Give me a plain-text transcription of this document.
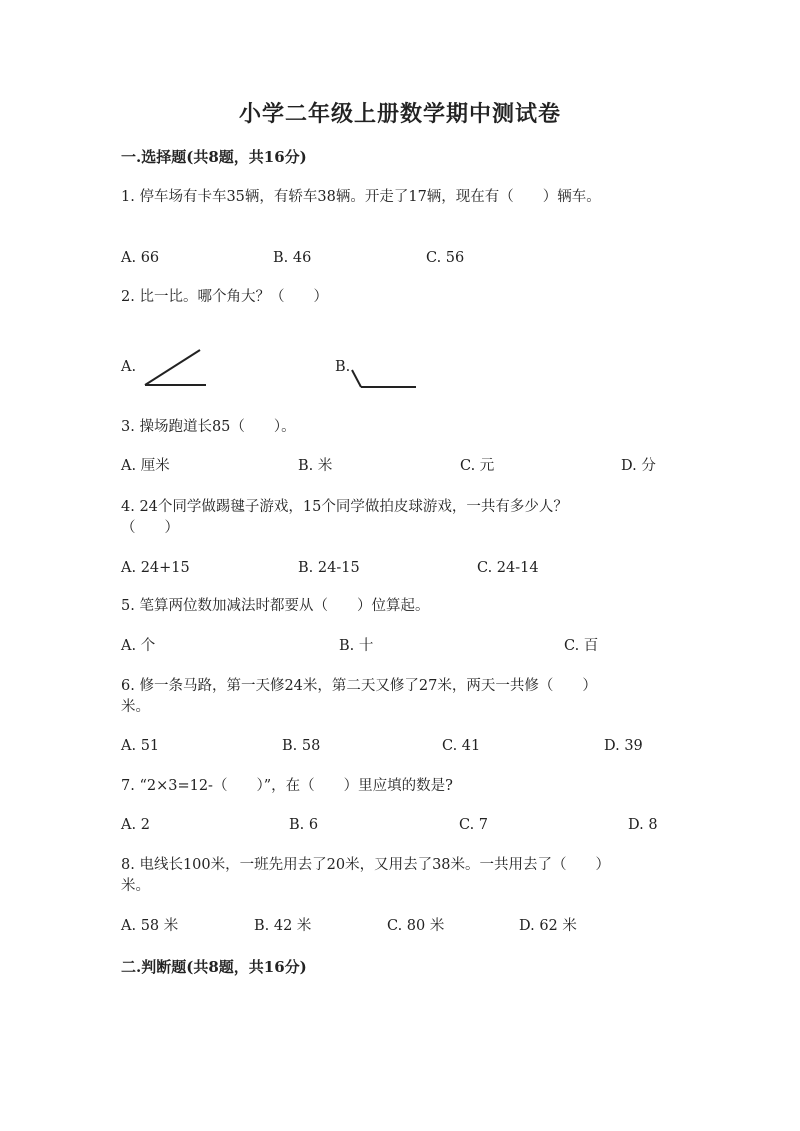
小学二年级上册数学期中测试卷
一.选择题(共8题，共16分)
1. 停车场有卡车35辆，有轿车38辆。开走了17辆，现在有（　　）辆车。
A. 66	B. 46	C. 56
2. 比一比。哪个角大？（　　）
A.	B.
3. 操场跑道长85（　　）。
A. 厘米	B. 米	C. 元	D. 分
4. 24个同学做踢毽子游戏，15个同学做拍皮球游戏，一共有多少人？
（　　）
A. 24+15	B. 24-15	C. 24-14
5. 笔算两位数加减法时都要从（　　）位算起。
A. 个	B. 十	C. 百
6. 修一条马路，第一天修24米，第二天又修了27米，两天一共修（　　）
米。
A. 51	B. 58	C. 41	D. 39
7. “2×3=12-（　　）”，在（　　）里应填的数是?
A. 2	B. 6	C. 7	D. 8
8. 电线长100米，一班先用去了20米，又用去了38米。一共用去了（　　）
米。
A. 58 米	B. 42 米	C. 80 米	D. 62 米
二.判断题(共8题，共16分)
